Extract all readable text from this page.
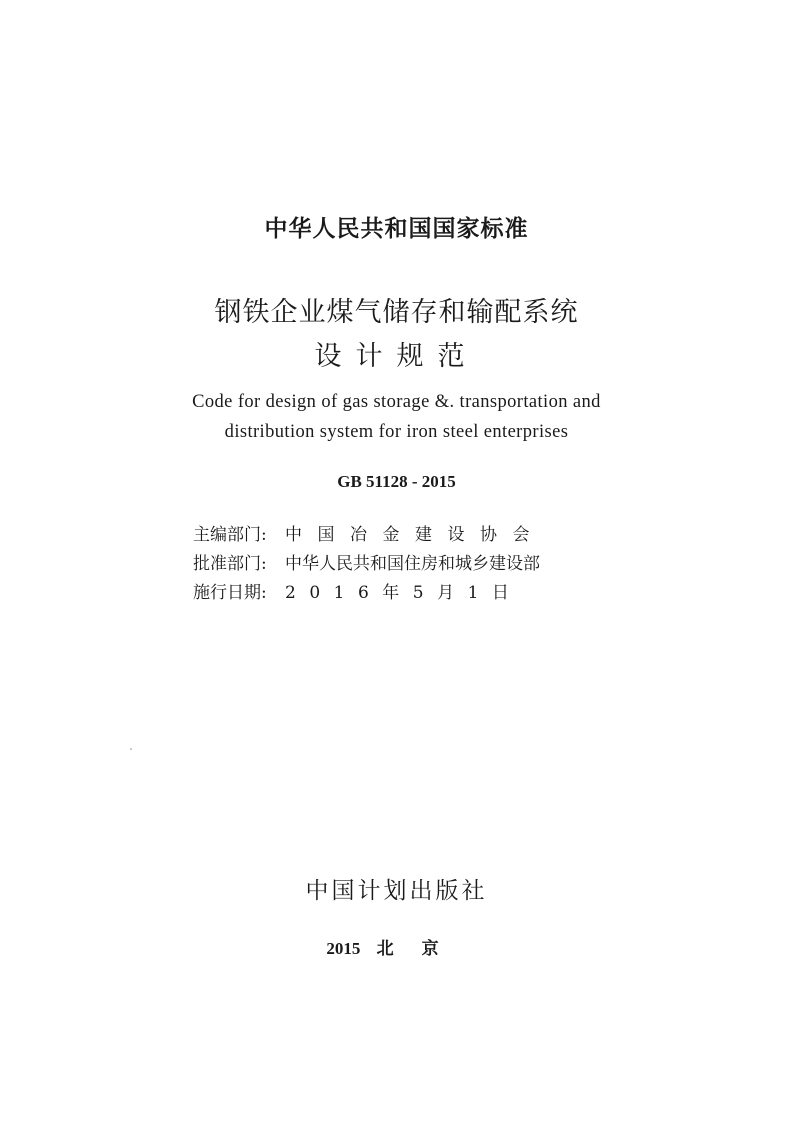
中华人民共和国国家标准
钢铁企业煤气储存和输配系统
设计规范
Code for design of gas storage &. transportation and
distribution system for iron steel enterprises
GB 51128 - 2015
主编部门:	中国冶金建设协会
批准部门:	中华人民共和国住房和城乡建设部
施行日期:	2016年5月1日
中国计划出版社
2015 北京
